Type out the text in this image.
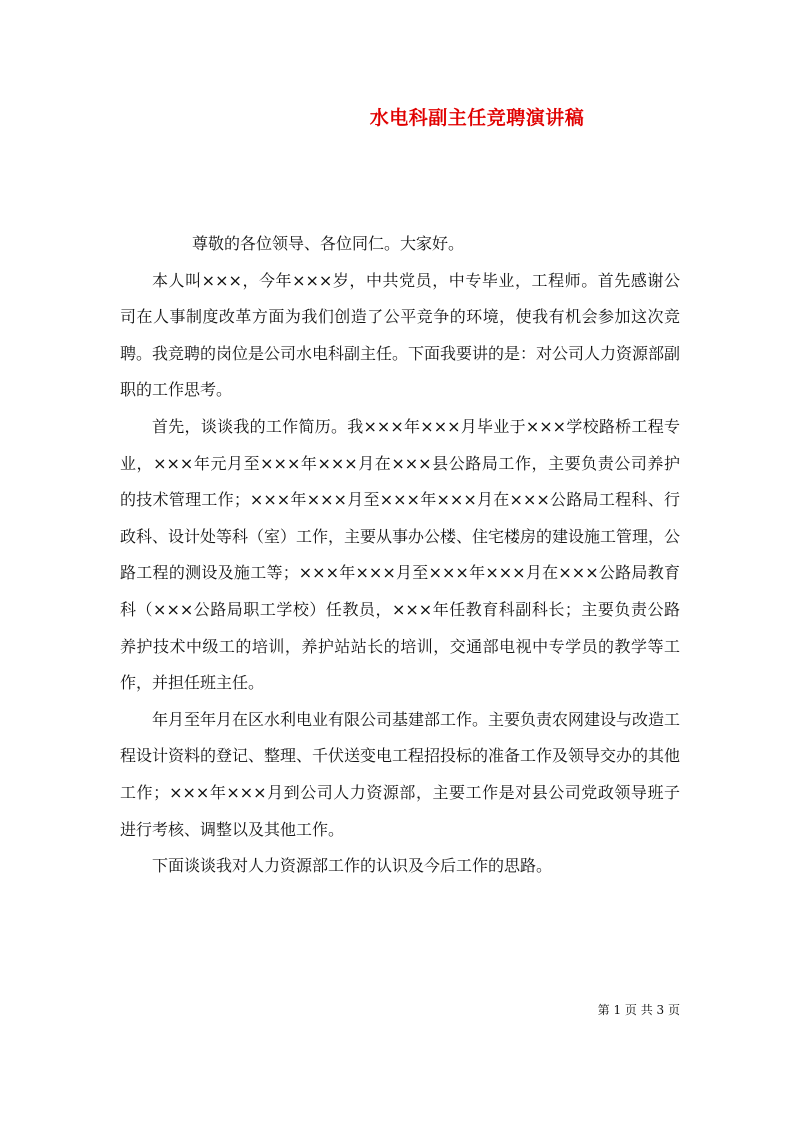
水电科副主任竞聘演讲稿

尊敬的各位领导、各位同仁。大家好。

本人叫×××，今年×××岁，中共党员，中专毕业，工程师。首先感谢公司在人事制度改革方面为我们创造了公平竞争的环境，使我有机会参加这次竞聘。我竞聘的岗位是公司水电科副主任。下面我要讲的是：对公司人力资源部副职的工作思考。

首先，谈谈我的工作简历。我×××年×××月毕业于×××学校路桥工程专业，×××年元月至×××年×××月在×××县公路局工作，主要负责公司养护的技术管理工作；×××年×××月至×××年×××月在×××公路局工程科、行政科、设计处等科（室）工作，主要从事办公楼、住宅楼房的建设施工管理，公路工程的测设及施工等；×××年×××月至×××年×××月在×××公路局教育科（×××公路局职工学校）任教员，×××年任教育科副科长；主要负责公路养护技术中级工的培训，养护站站长的培训，交通部电视中专学员的教学等工作，并担任班主任。

年月至年月在区水利电业有限公司基建部工作。主要负责农网建设与改造工程设计资料的登记、整理、千伏送变电工程招投标的准备工作及领导交办的其他工作；×××年×××月到公司人力资源部，主要工作是对县公司党政领导班子进行考核、调整以及其他工作。

下面谈谈我对人力资源部工作的认识及今后工作的思路。

第 1 页 共 3 页
